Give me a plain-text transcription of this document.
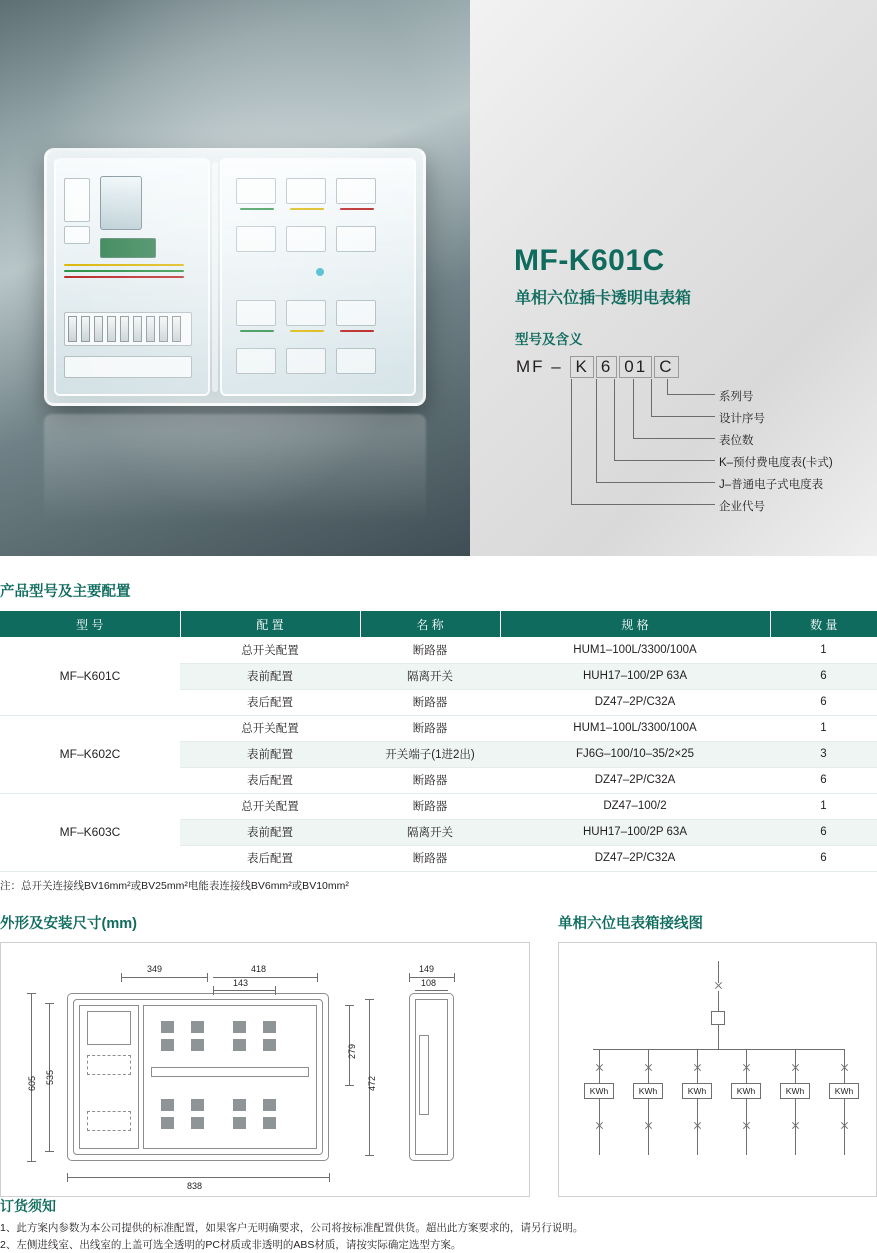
MF-K601C
单相六位插卡透明电表箱
型号及含义
MF – K 6 01 C
系列号
设计序号
表位数
K–预付费电度表(卡式)
J–普通电子式电度表
企业代号
产品型号及主要配置
型 号	配 置	名 称	规 格	数 量
MF–K601C	总开关配置	断路器	HUM1–100L/3300/100A	1
	表前配置	隔离开关	HUH17–100/2P 63A	6
	表后配置	断路器	DZ47–2P/C32A	6
MF–K602C	总开关配置	断路器	HUM1–100L/3300/100A	1
	表前配置	开关端子(1进2出)	FJ6G–100/10–35/2×25	3
	表后配置	断路器	DZ47–2P/C32A	6
MF–K603C	总开关配置	断路器	DZ47–100/2	1
	表前配置	隔离开关	HUH17–100/2P 63A	6
	表后配置	断路器	DZ47–2P/C32A	6
注：总开关连接线BV16mm²或BV25mm²电能表连接线BV6mm²或BV10mm²
外形及安装尺寸(mm)	单相六位电表箱接线图
349	418
143
149
108
605 535
279
472
838
KWh	KWh	KWh	KWh	KWh	KWh
订货须知
1、此方案内参数为本公司提供的标准配置，如果客户无明确要求，公司将按标准配置供货。超出此方案要求的，请另行说明。
2、左侧进线室、出线室的上盖可选全透明的PC材质或非透明的ABS材质，请按实际确定选型方案。
